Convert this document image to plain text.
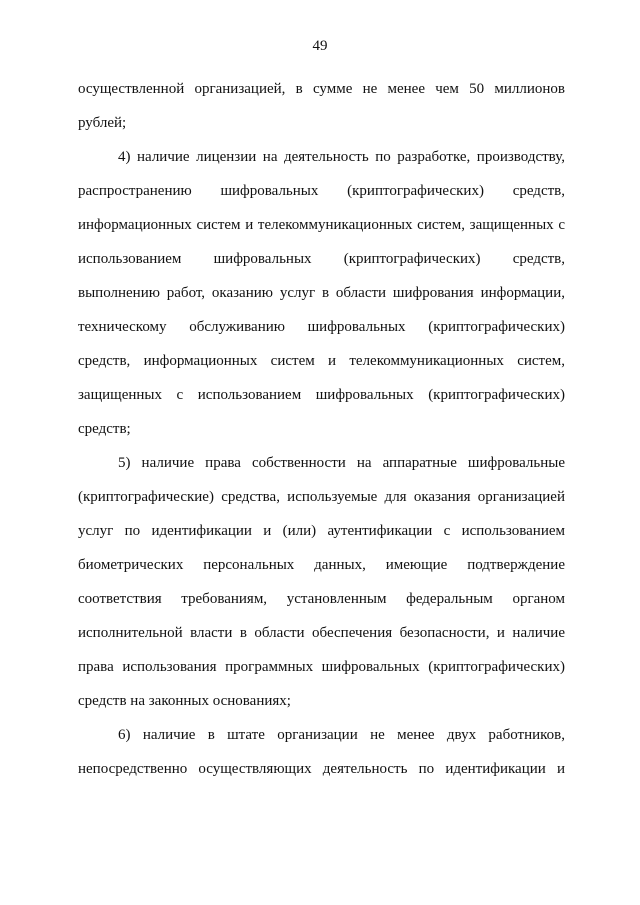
49
осуществленной организацией, в сумме не менее чем 50 миллионов
рублей;
4) наличие лицензии на деятельность по разработке, производству,
распространению шифровальных (криптографических) средств,
информационных систем и телекоммуникационных систем, защищенных с
использованием шифровальных (криптографических) средств,
выполнению работ, оказанию услуг в области шифрования информации,
техническому обслуживанию шифровальных (криптографических)
средств, информационных систем и телекоммуникационных систем,
защищенных с использованием шифровальных (криптографических)
средств;
5) наличие права собственности на аппаратные шифровальные
(криптографические) средства, используемые для оказания организацией
услуг по идентификации и (или) аутентификации с использованием
биометрических персональных данных, имеющие подтверждение
соответствия требованиям, установленным федеральным органом
исполнительной власти в области обеспечения безопасности, и наличие
права использования программных шифровальных (криптографических)
средств на законных основаниях;
6) наличие в штате организации не менее двух работников,
непосредственно осуществляющих деятельность по идентификации и
